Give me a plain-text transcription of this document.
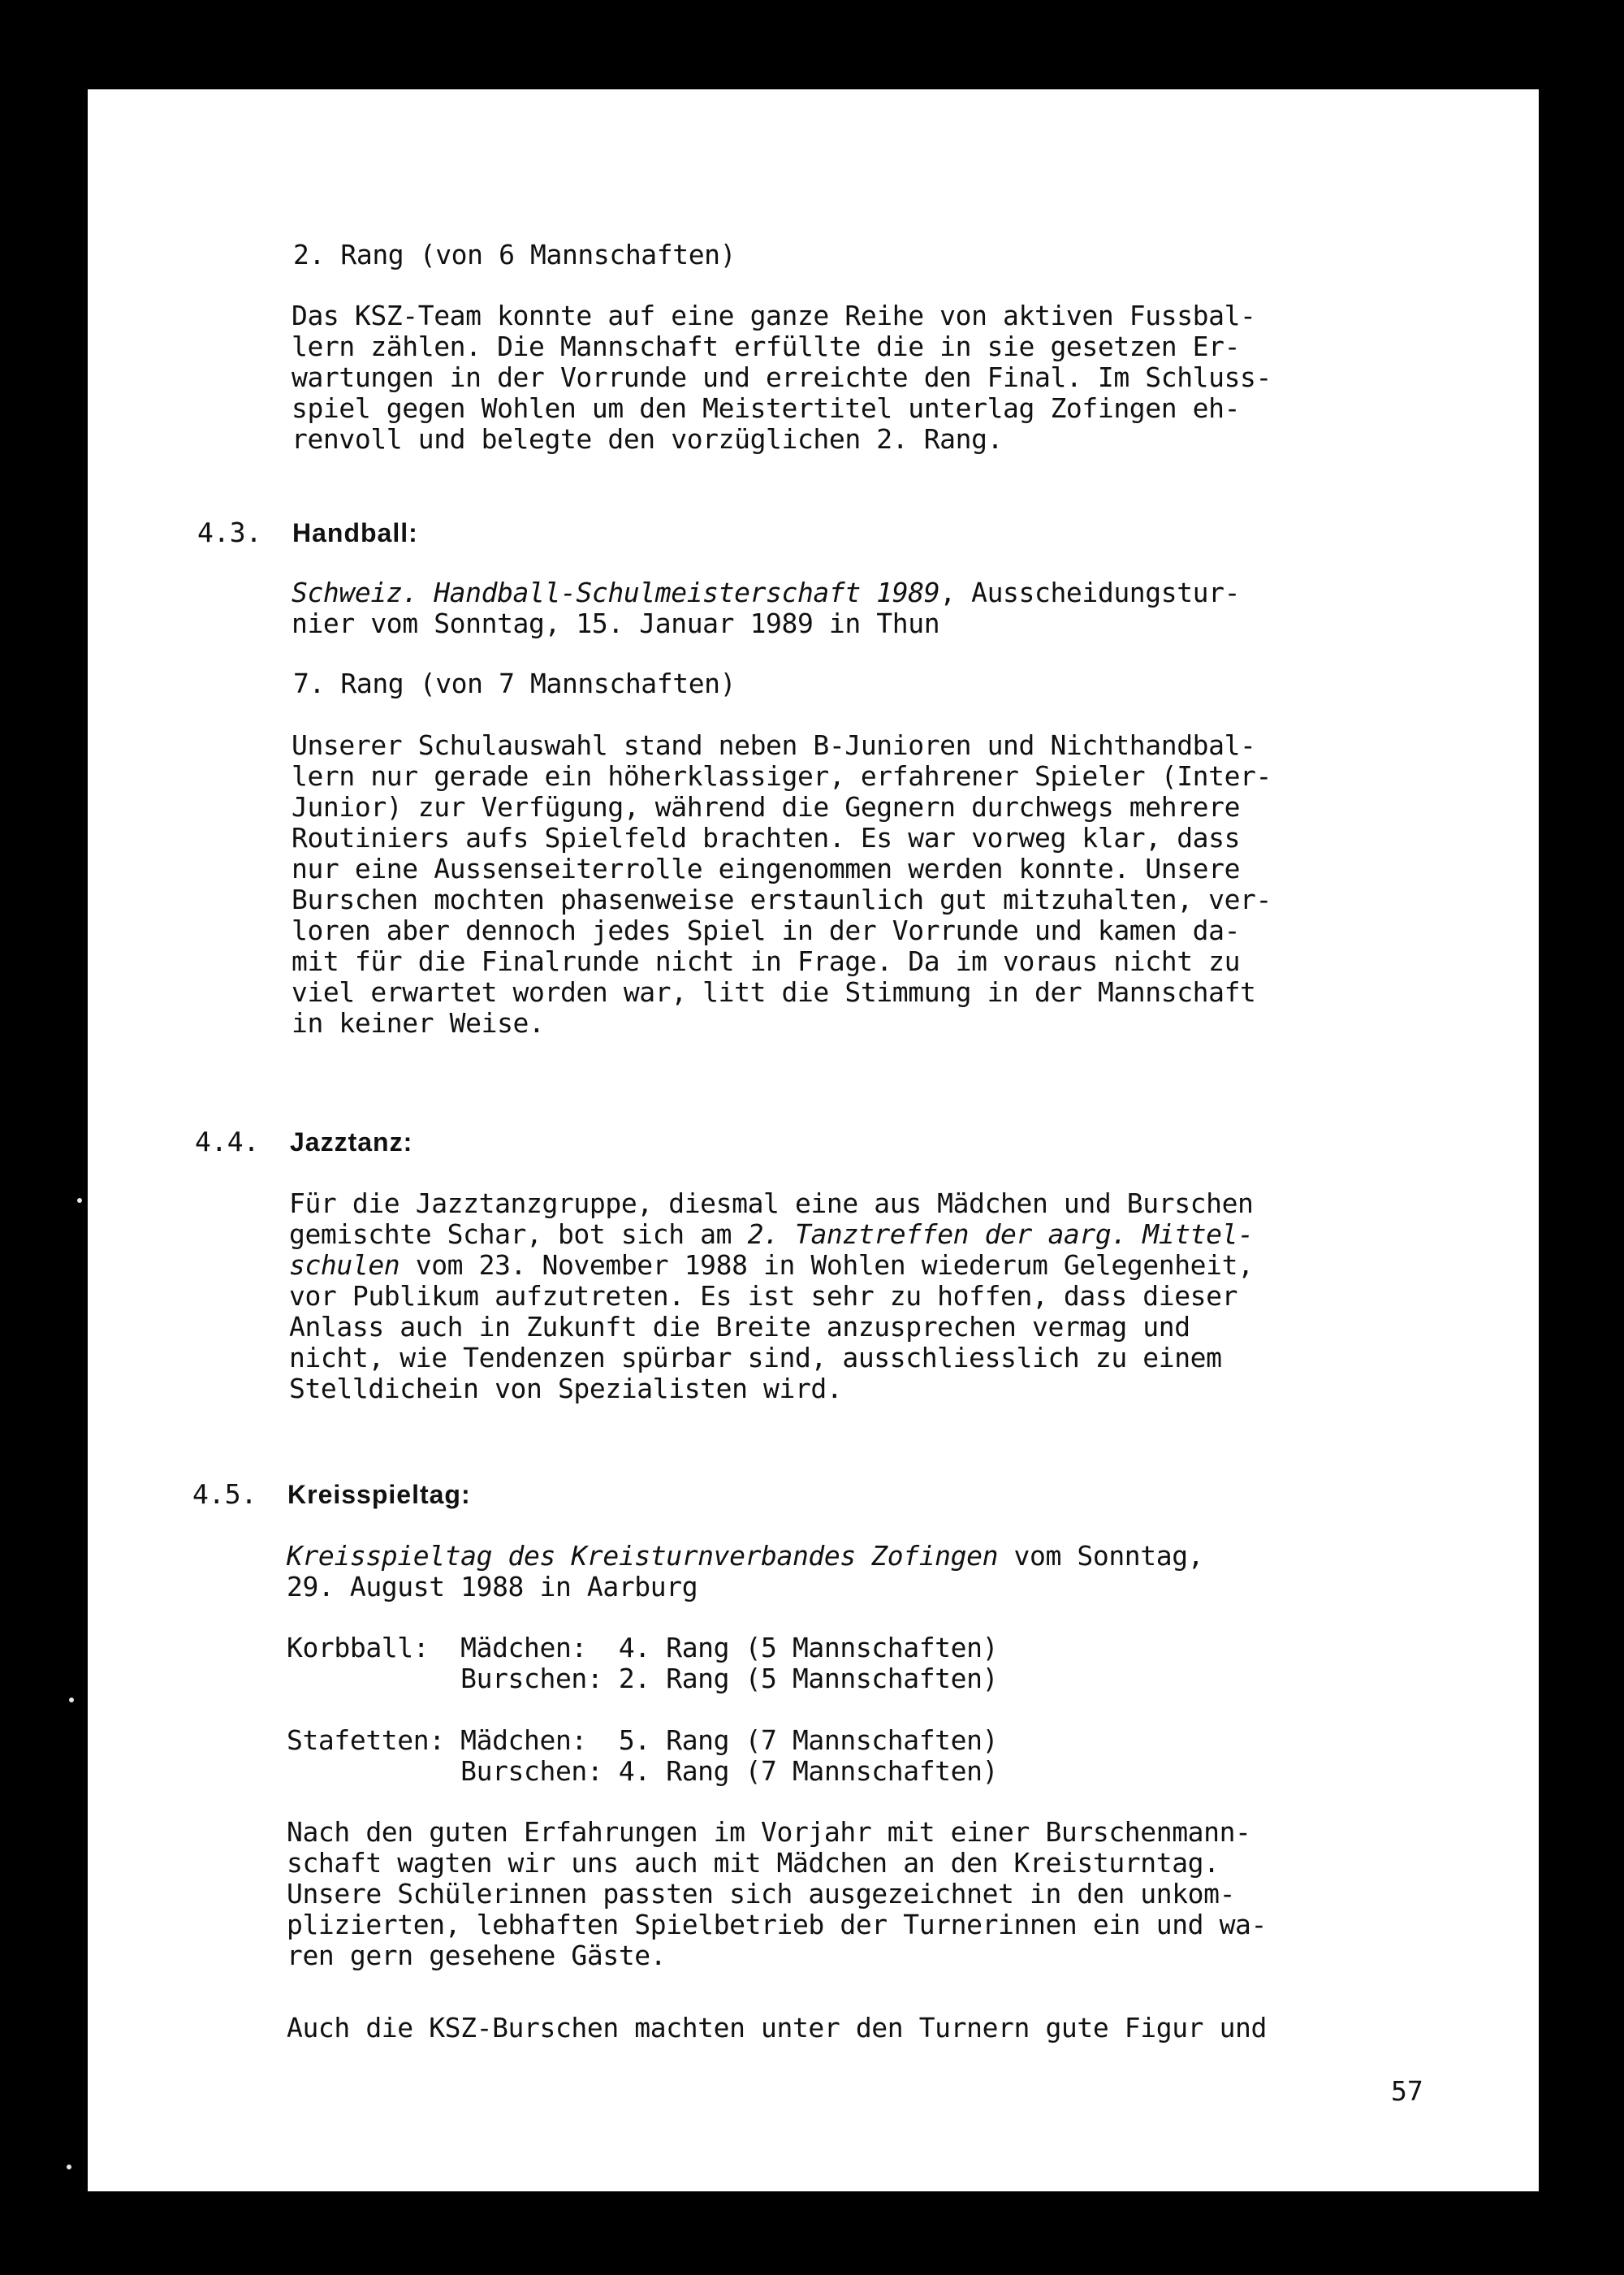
2. Rang (von 6 Mannschaften)

Das KSZ-Team konnte auf eine ganze Reihe von aktiven Fussbal-
lern zählen. Die Mannschaft erfüllte die in sie gesetzen Er-
wartungen in der Vorrunde und erreichte den Final. Im Schluss-
spiel gegen Wohlen um den Meistertitel unterlag Zofingen eh-
renvoll und belegte den vorzüglichen 2. Rang.

4.3. Handball:

Schweiz. Handball-Schulmeisterschaft 1989, Ausscheidungstur-
nier vom Sonntag, 15. Januar 1989 in Thun

7. Rang (von 7 Mannschaften)

Unserer Schulauswahl stand neben B-Junioren und Nichthandbal-
lern nur gerade ein höherklassiger, erfahrener Spieler (Inter-
Junior) zur Verfügung, während die Gegnern durchwegs mehrere
Routiniers aufs Spielfeld brachten. Es war vorweg klar, dass
nur eine Aussenseiterrolle eingenommen werden konnte. Unsere
Burschen mochten phasenweise erstaunlich gut mitzuhalten, ver-
loren aber dennoch jedes Spiel in der Vorrunde und kamen da-
mit für die Finalrunde nicht in Frage. Da im voraus nicht zu
viel erwartet worden war, litt die Stimmung in der Mannschaft
in keiner Weise.

4.4. Jazztanz:

Für die Jazztanzgruppe, diesmal eine aus Mädchen und Burschen
gemischte Schar, bot sich am 2. Tanztreffen der aarg. Mittel-
schulen vom 23. November 1988 in Wohlen wiederum Gelegenheit,
vor Publikum aufzutreten. Es ist sehr zu hoffen, dass dieser
Anlass auch in Zukunft die Breite anzusprechen vermag und
nicht, wie Tendenzen spürbar sind, ausschliesslich zu einem
Stelldichein von Spezialisten wird.

4.5. Kreisspieltag:

Kreisspieltag des Kreisturnverbandes Zofingen vom Sonntag,
29. August 1988 in Aarburg
Korbball:  Mädchen:  4. Rang (5 Mannschaften)
Burschen: 2. Rang (5 Mannschaften)

Stafetten: Mädchen:  5. Rang (7 Mannschaften)
Burschen: 4. Rang (7 Mannschaften)
Nach den guten Erfahrungen im Vorjahr mit einer Burschenmann-
schaft wagten wir uns auch mit Mädchen an den Kreisturntag.
Unsere Schülerinnen passten sich ausgezeichnet in den unkom-
plizierten, lebhaften Spielbetrieb der Turnerinnen ein und wa-
ren gern gesehene Gäste.

Auch die KSZ-Burschen machten unter den Turnern gute Figur und

57
